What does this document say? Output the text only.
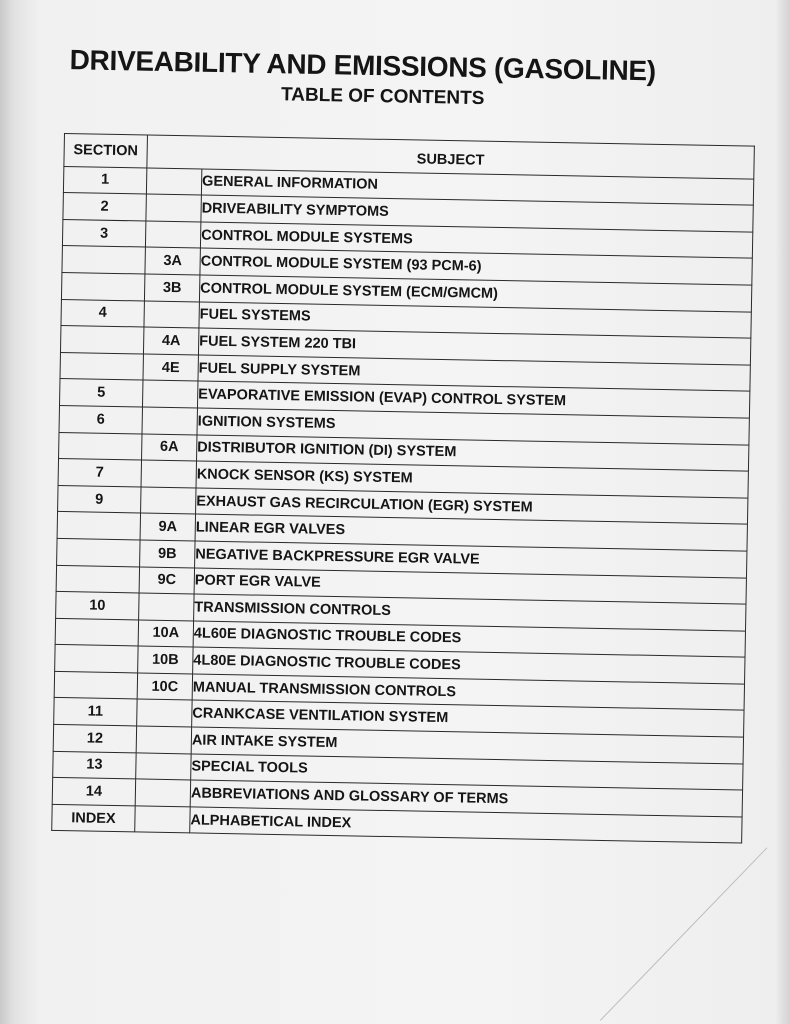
DRIVEABILITY AND EMISSIONS (GASOLINE)
TABLE OF CONTENTS
SECTION	SUBJECT	
1		GENERAL INFORMATION
2		DRIVEABILITY SYMPTOMS
3		CONTROL MODULE SYSTEMS
	3A	CONTROL MODULE SYSTEM (93 PCM-6)
	3B	CONTROL MODULE SYSTEM (ECM/GMCM)
4		FUEL SYSTEMS
	4A	FUEL SYSTEM 220 TBI
	4E	FUEL SUPPLY SYSTEM
5		EVAPORATIVE EMISSION (EVAP) CONTROL SYSTEM
6		IGNITION SYSTEMS
	6A	DISTRIBUTOR IGNITION (DI) SYSTEM
7		KNOCK SENSOR (KS) SYSTEM
9		EXHAUST GAS RECIRCULATION (EGR) SYSTEM
	9A	LINEAR EGR VALVES
	9B	NEGATIVE BACKPRESSURE EGR VALVE
	9C	PORT EGR VALVE
10		TRANSMISSION CONTROLS
	10A	4L60E DIAGNOSTIC TROUBLE CODES
	10B	4L80E DIAGNOSTIC TROUBLE CODES
	10C	MANUAL TRANSMISSION CONTROLS
11		CRANKCASE VENTILATION SYSTEM
12		AIR INTAKE SYSTEM
13		SPECIAL TOOLS
14		ABBREVIATIONS AND GLOSSARY OF TERMS
INDEX		ALPHABETICAL INDEX
